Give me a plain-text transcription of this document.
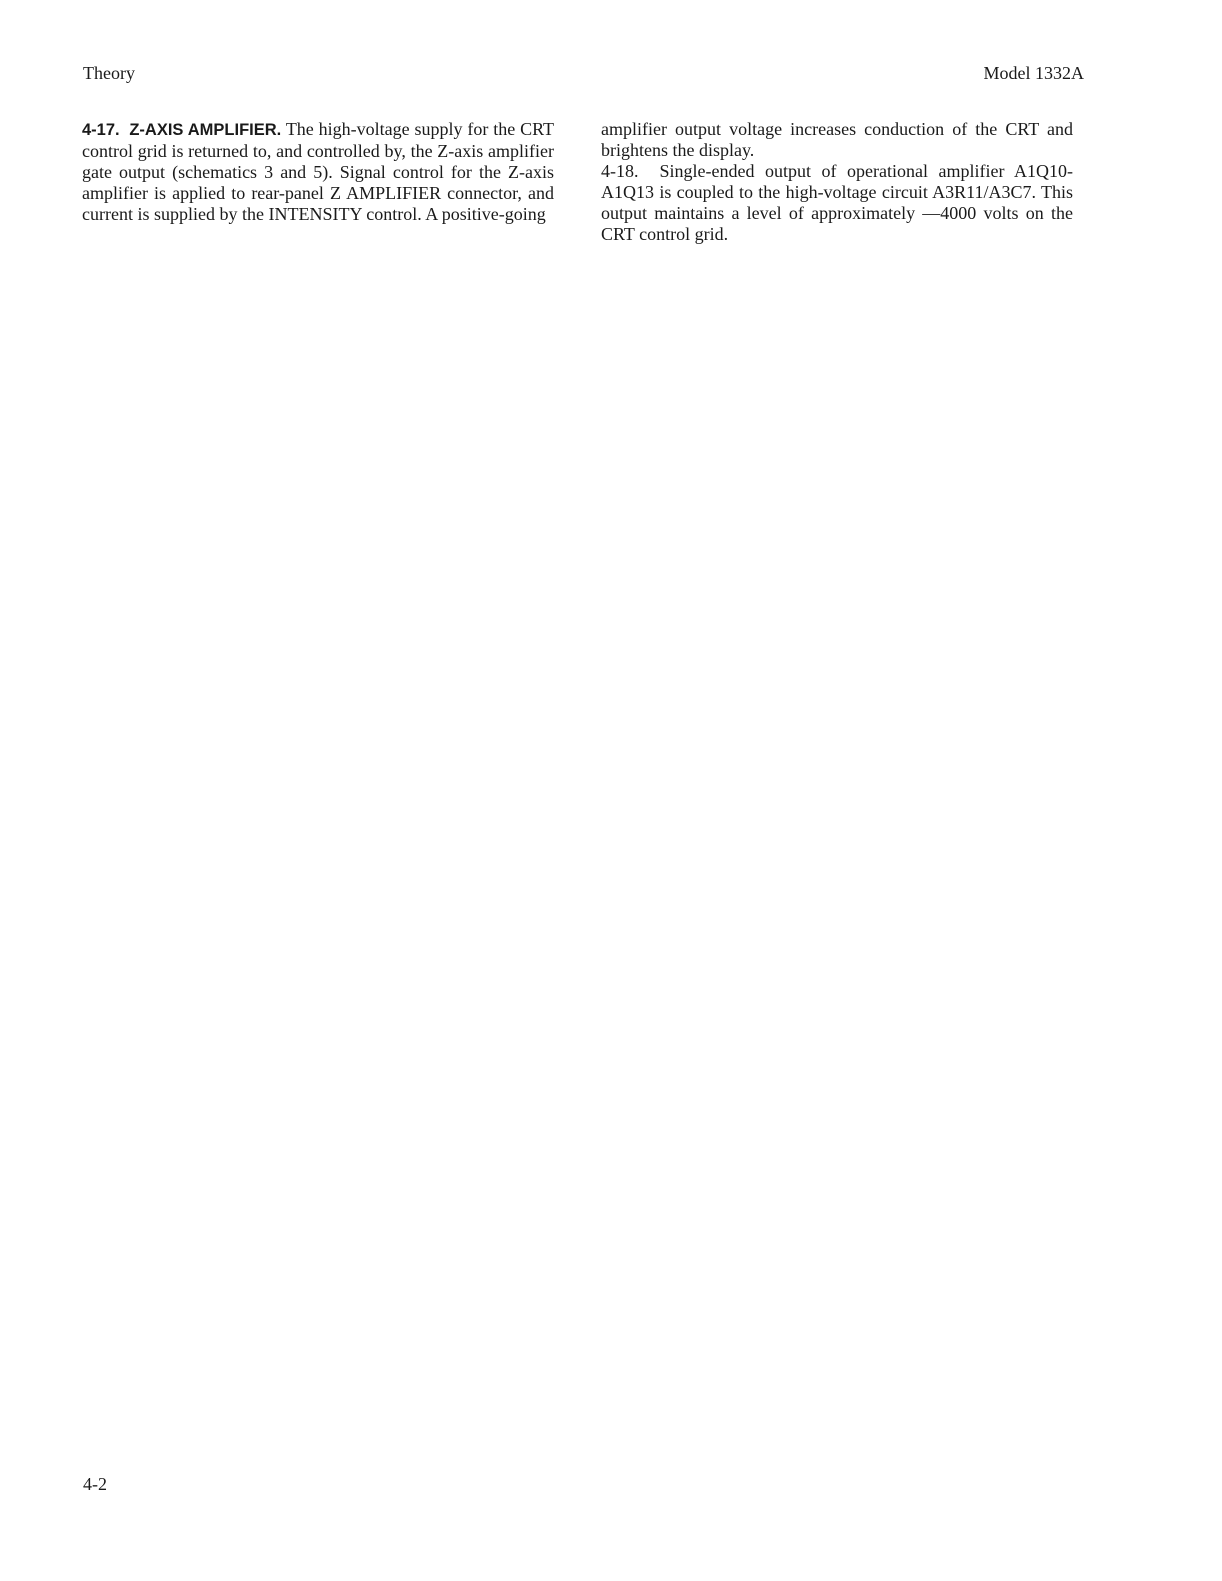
Theory	Model 1332A

4-17. Z-AXIS AMPLIFIER. The high-voltage supply for the CRT control grid is returned to, and controlled by, the Z-axis amplifier gate output (schematics 3 and 5). Signal control for the Z-axis amplifier is applied to rear-panel Z AMPLIFIER connector, and current is supplied by the INTENSITY control. A positive-going

amplifier output voltage increases conduction of the CRT and brightens the display.

4-18. Single-ended output of operational amplifier A1Q10-A1Q13 is coupled to the high-voltage circuit A3R11/A3C7. This output maintains a level of approximately —4000 volts on the CRT control grid.

4-2
